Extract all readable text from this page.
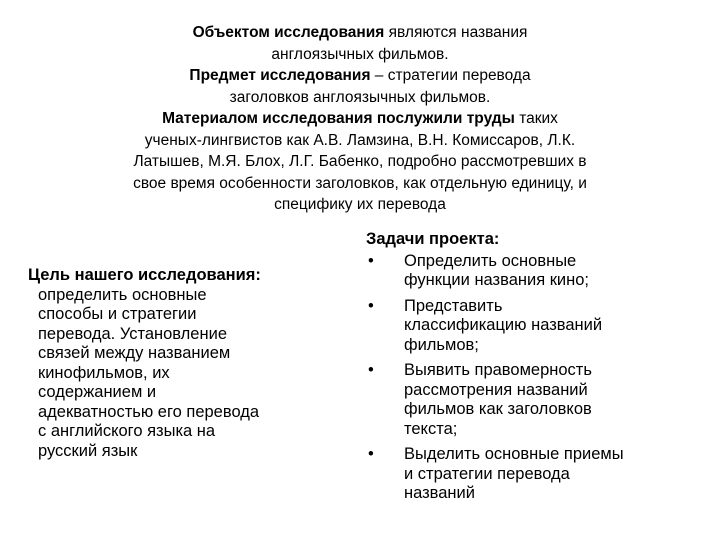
Объектом исследования являются названия

англоязычных фильмов.

Предмет исследования – стратегии перевода

заголовков англоязычных фильмов.

Материалом исследования послужили труды таких

ученых-лингвистов как А.В. Ламзина, В.Н. Комиссаров, Л.К.

Латышев, М.Я. Блох, Л.Г. Бабенко, подробно рассмотревших в

свое время особенности заголовков, как отдельную единицу, и

специфику их перевода

Цель нашего исследования:
определить основные
способы и стратегии
перевода. Установление
связей между названием
кинофильмов, их
содержанием и
адекватностью его перевода
с английского языка на
русский язык
Задачи проекта:
• Определить основные
функции названия кино;
• Представить
классификацию названий
фильмов;
• Выявить правомерность
рассмотрения названий
фильмов как заголовков
текста;
• Выделить основные приемы
и стратегии перевода
названий
